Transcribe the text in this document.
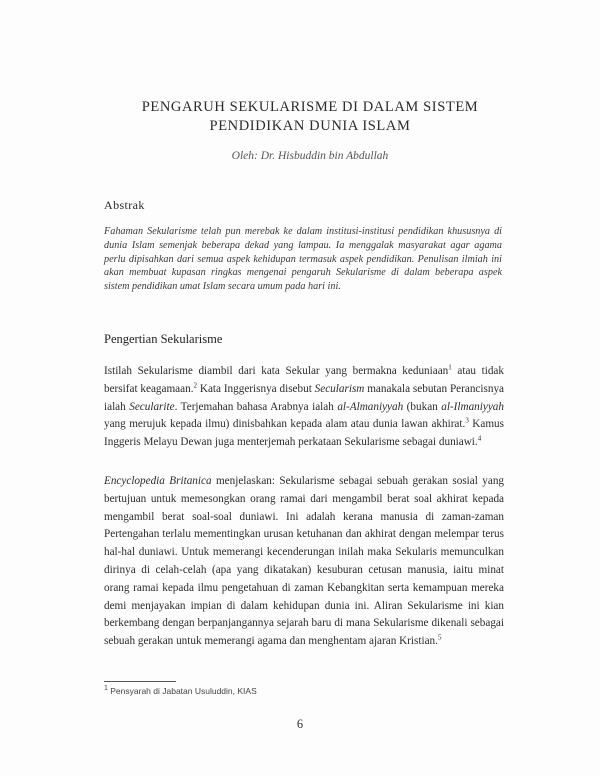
PENGARUH SEKULARISME DI DALAM SISTEM
PENDIDIKAN DUNIA ISLAM
Oleh: Dr. Hisbuddin bin Abdullah
Abstrak
Fahaman Sekularisme telah pun merebak ke dalam institusi-institusi pendidikan khususnya di dunia Islam semenjak beberapa dekad yang lampau. Ia menggalak masyarakat agar agama perlu dipisahkan dari semua aspek kehidupan termasuk aspek pendidikan. Penulisan ilmiah ini akan membuat kupasan ringkas mengenai pengaruh Sekularisme di dalam beberapa aspek sistem pendidikan umat Islam secara umum pada hari ini.
Pengertian Sekularisme
Istilah Sekularisme diambil dari kata Sekular yang bermakna keduniaan$^1$ atau tidak bersifat keagamaan.$^2$ Kata Inggerisnya disebut Secularism manakala sebutan Perancisnya ialah Secularite. Terjemahan bahasa Arabnya ialah al-Almaniyyah (bukan al-Ilmaniyyah yang merujuk kepada ilmu) dinisbahkan kepada alam atau dunia lawan akhirat.$^3$ Kamus Inggeris Melayu Dewan juga menterjemah perkataan Sekularisme sebagai duniawi.$^4$
Encyclopedia Britanica menjelaskan: Sekularisme sebagai sebuah gerakan sosial yang bertujuan untuk memesongkan orang ramai dari mengambil berat soal akhirat kepada mengambil berat soal-soal duniawi. Ini adalah kerana manusia di zaman-zaman Pertengahan terlalu mementingkan urusan ketuhanan dan akhirat dengan melempar terus hal-hal duniawi. Untuk memerangi kecenderungan inilah maka Sekularis memunculkan dirinya di celah-celah (apa yang dikatakan) kesuburan cetusan manusia, iaitu minat orang ramai kepada ilmu pengetahuan di zaman Kebangkitan serta kemampuan mereka demi menjayakan impian di dalam kehidupan dunia ini. Aliran Sekularisme ini kian berkembang dengan berpanjangannya sejarah baru di mana Sekularisme dikenali sebagai sebuah gerakan untuk memerangi agama dan menghentam ajaran Kristian.$^5$
$^1$ Pensyarah di Jabatan Usuluddin, KIAS
6
